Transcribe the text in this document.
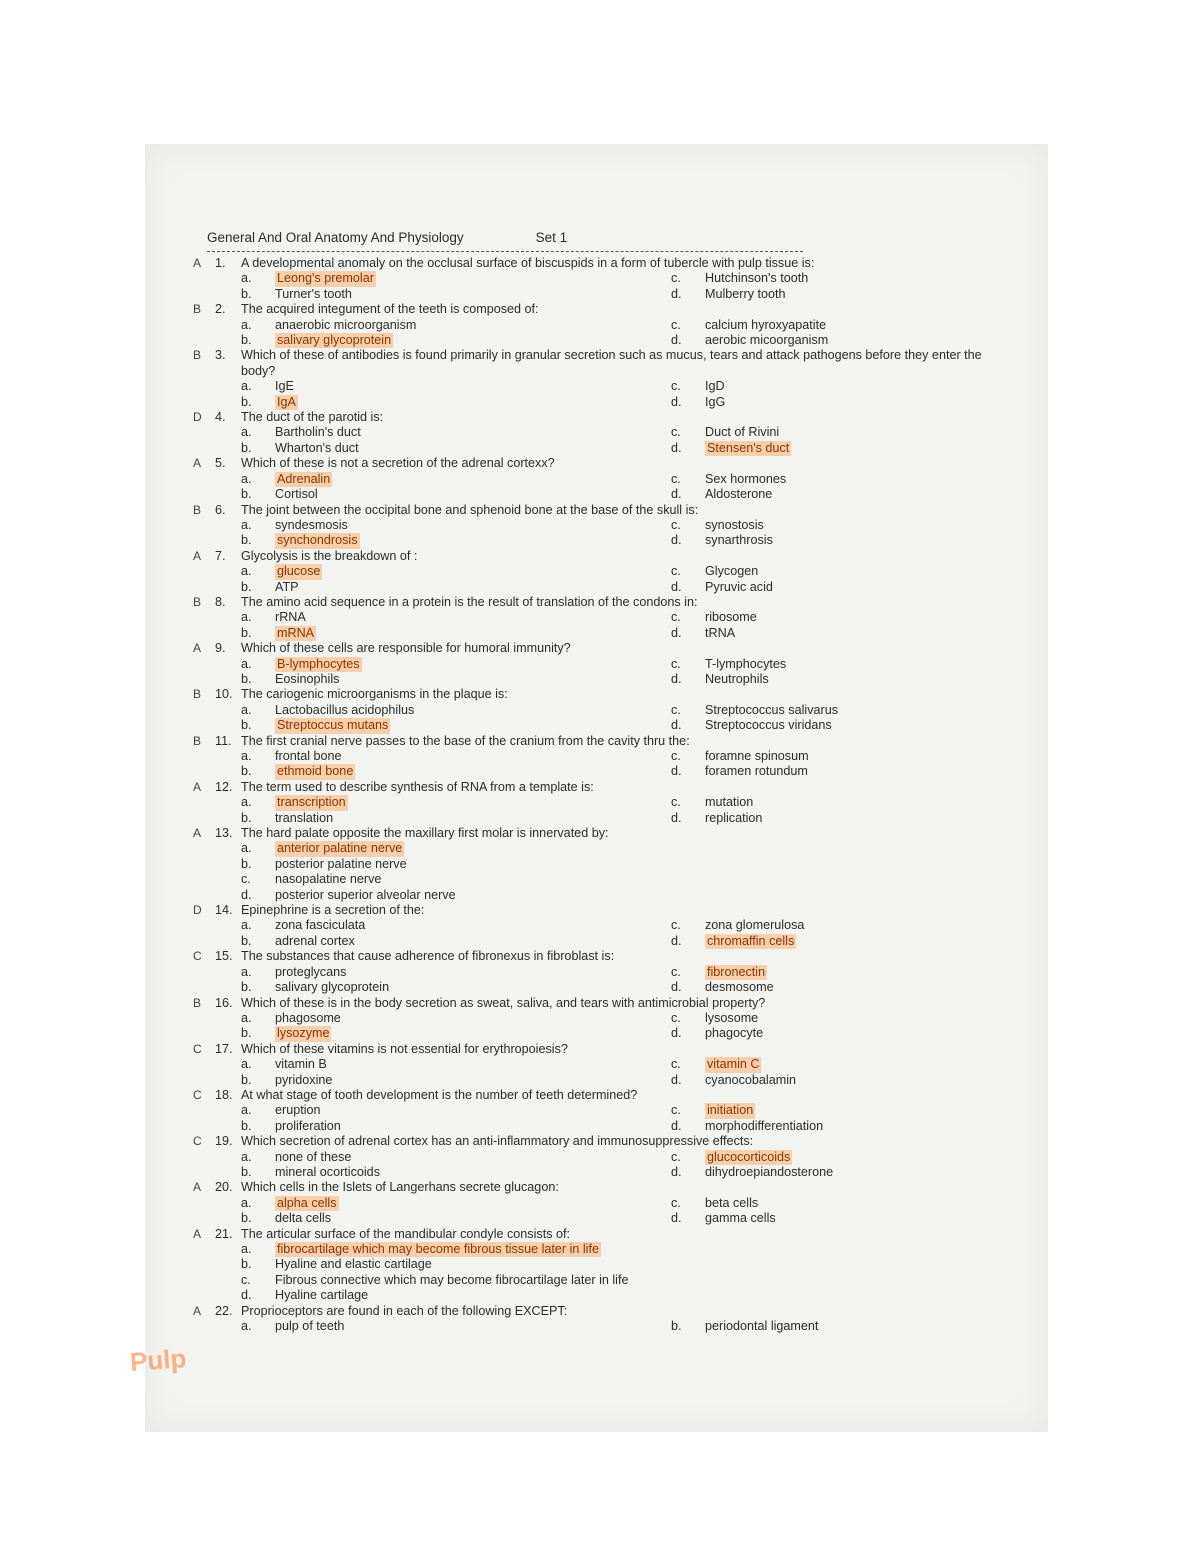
General And Oral Anatomy And Physiology	Set 1
A	1.	A developmental anomaly on the occlusal surface of biscuspids in a form of tubercle with pulp tissue is:
a.	Leong's premolar	c.	Hutchinson's tooth
b.	Turner's tooth	d.	Mulberry tooth
B	2.	The acquired integument of the teeth is composed of:
a.	anaerobic microorganism	c.	calcium hyroxyapatite
b.	salivary glycoprotein	d.	aerobic micoorganism
B	3.	Which of these of antibodies is found primarily in granular secretion such as mucus, tears and attack pathogens before they enter the body?
a.	IgE	c.	IgD
b.	IgA	d.	IgG
D	4.	The duct of the parotid is:
a.	Bartholin's duct	c.	Duct of Rivini
b.	Wharton's duct	d.	Stensen's duct
A	5.	Which of these is not a secretion of the adrenal cortexx?
a.	Adrenalin	c.	Sex hormones
b.	Cortisol	d.	Aldosterone
B	6.	The joint between the occipital bone and sphenoid bone at the base of the skull is:
a.	syndesmosis	c.	synostosis
b.	synchondrosis	d.	synarthrosis
A	7.	Glycolysis is the breakdown of :
a.	glucose	c.	Glycogen
b.	ATP	d.	Pyruvic acid
B	8.	The amino acid sequence in a protein is the result of translation of the condons in:
a.	rRNA	c.	ribosome
b.	mRNA	d.	tRNA
A	9.	Which of these cells are responsible for humoral immunity?
a.	B-lymphocytes	c.	T-lymphocytes
b.	Eosinophils	d.	Neutrophils
B	10. The cariogenic microorganisms in the plaque is:
a.	Lactobacillus acidophilus	c.	Streptococcus salivarus
b.	Streptoccus mutans	d.	Streptococcus viridans
B	11. The first cranial nerve passes to the base of the cranium from the cavity thru the:
a.	frontal bone	c.	foramne spinosum
b.	ethmoid bone	d.	foramen rotundum
A	12. The term used to describe synthesis of RNA from a template is:
a.	transcription	c.	mutation
b.	translation	d.	replication
A	13. The hard palate opposite the maxillary first molar is innervated by:
a.	anterior palatine nerve
b.	posterior palatine nerve
c.	nasopalatine nerve
d.	posterior superior alveolar nerve
D	14. Epinephrine is a secretion of the:
a.	zona fasciculata	c.	zona glomerulosa
b.	adrenal cortex	d.	chromaffin cells
C	15. The substances that cause adherence of fibronexus in fibroblast is:
a.	proteglycans	c.	fibronectin
b.	salivary glycoprotein	d.	desmosome
B	16. Which of these is in the body secretion as sweat, saliva, and tears with antimicrobial property?
a.	phagosome	c.	lysosome
b.	lysozyme	d.	phagocyte
C	17. Which of these vitamins is not essential for erythropoiesis?
a.	vitamin B	c.	vitamin C
b.	pyridoxine	d.	cyanocobalamin
C	18. At what stage of tooth development is the number of teeth determined?
a.	eruption	c.	initiation
b.	proliferation	d.	morphodifferentiation
C	19. Which secretion of adrenal cortex has an anti-inflammatory and immunosuppressive effects:
a.	none of these	c.	glucocorticoids
b.	mineral ocorticoids	d.	dihydroepiandosterone
A	20. Which cells in the Islets of Langerhans secrete glucagon:
a.	alpha cells	c.	beta cells
b.	delta cells	d.	gamma cells
A	21. The articular surface of the mandibular condyle consists of:
a.	fibrocartilage which may become fibrous tissue later in life
b.	Hyaline and elastic cartilage
c.	Fibrous connective which may become fibrocartilage later in life
d.	Hyaline cartilage
A	22. Proprioceptors are found in each of the following EXCEPT:
a.	pulp of teeth	b.	periodontal ligament
Pulp
